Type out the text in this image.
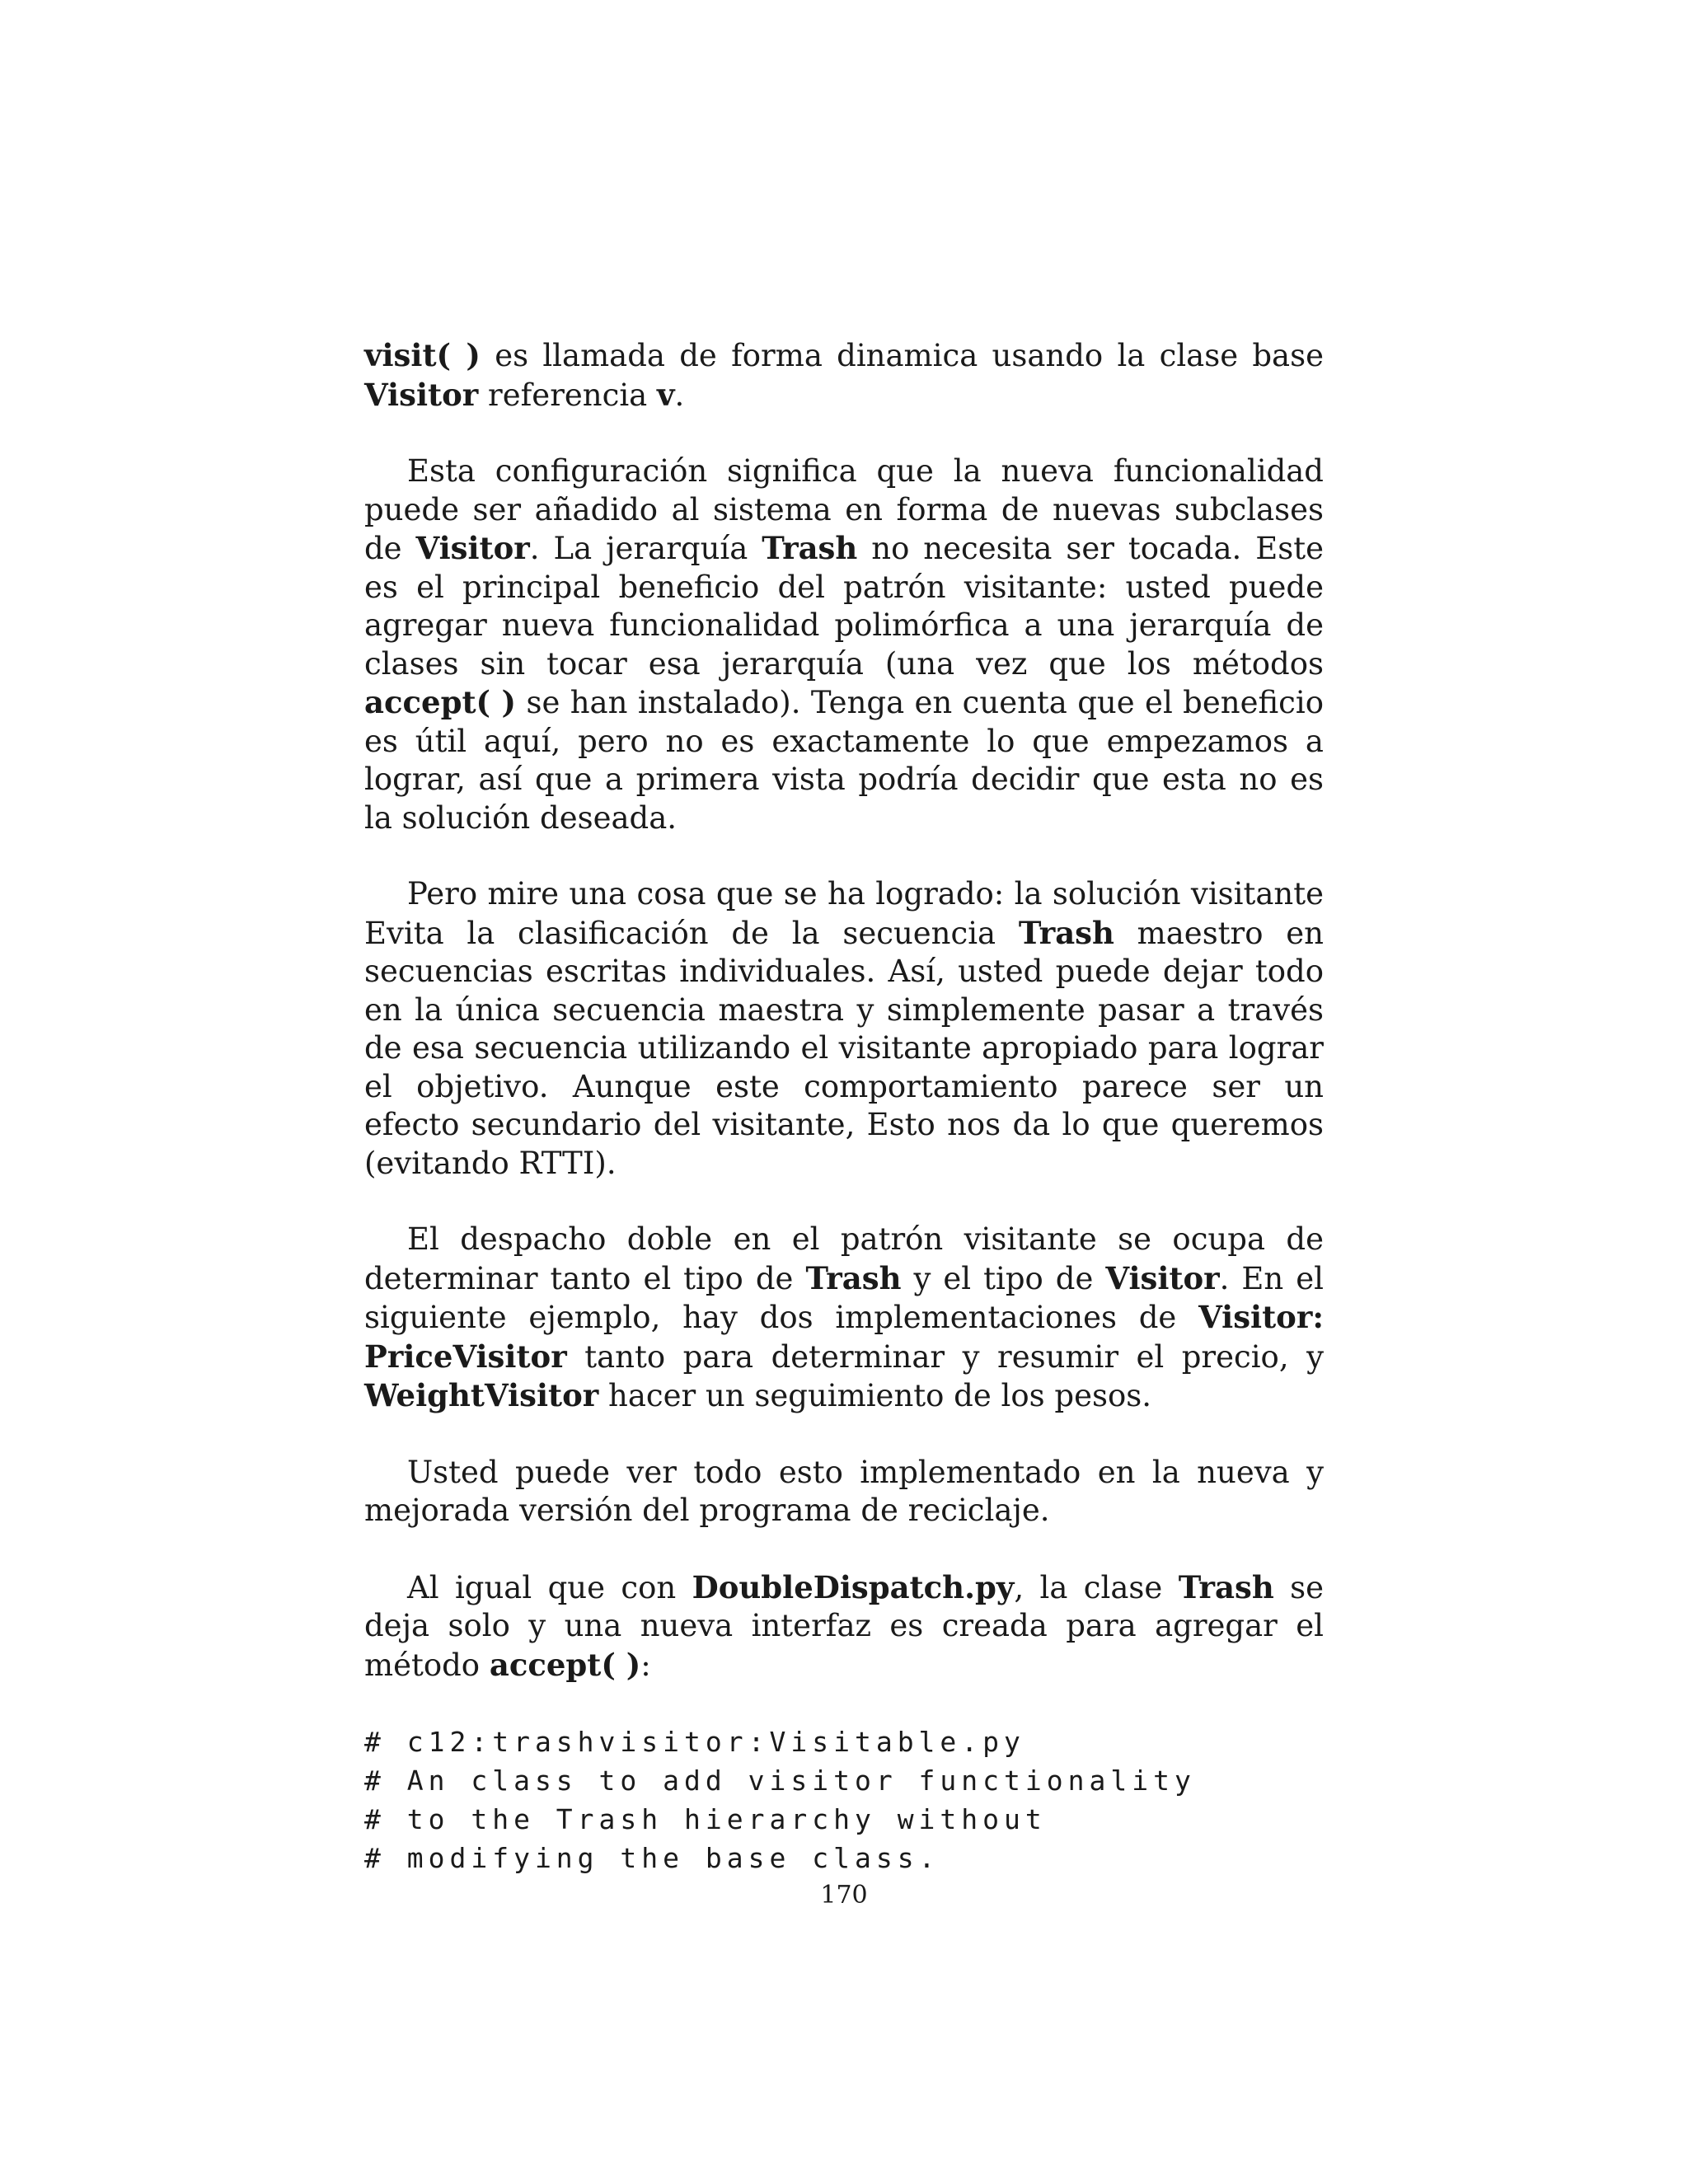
visit( ) es llamada de forma dinamica usando la clase base Visitor referencia v.

Esta configuración significa que la nueva funcionalidad puede ser añadido al sistema en forma de nuevas subclases de Visitor. La jerarquía Trash no necesita ser tocada. Este es el principal beneficio del patrón visitante: usted puede agregar nueva funcionalidad polimórfica a una jerarquía de clases sin tocar esa jerarquía (una vez que los métodos accept( ) se han instalado). Tenga en cuenta que el beneficio es útil aquí, pero no es exactamente lo que empezamos a lograr, así que a primera vista podría decidir que esta no es la solución deseada.

Pero mire una cosa que se ha logrado: la solución visitante Evita la clasificación de la secuencia Trash maestro en secuencias escritas individuales. Así, usted puede dejar todo en la única secuencia maestra y simplemente pasar a través de esa secuencia utilizando el visitante apropiado para lograr el objetivo. Aunque este comportamiento parece ser un efecto secundario del visitante, Esto nos da lo que queremos (evitando RTTI).

El despacho doble en el patrón visitante se ocupa de determinar tanto el tipo de Trash y el tipo de Visitor. En el siguiente ejemplo, hay dos implementaciones de Visitor: PriceVisitor tanto para determinar y resumir el precio, y WeightVisitor hacer un seguimiento de los pesos.

Usted puede ver todo esto implementado en la nueva y mejorada versión del programa de reciclaje.

Al igual que con DoubleDispatch.py, la clase Trash se deja solo y una nueva interfaz es creada para agregar el método accept( ):

# c12:trashvisitor:Visitable.py
# An class to add visitor functionality
# to the Trash hierarchy without
# modifying the base class.
170
